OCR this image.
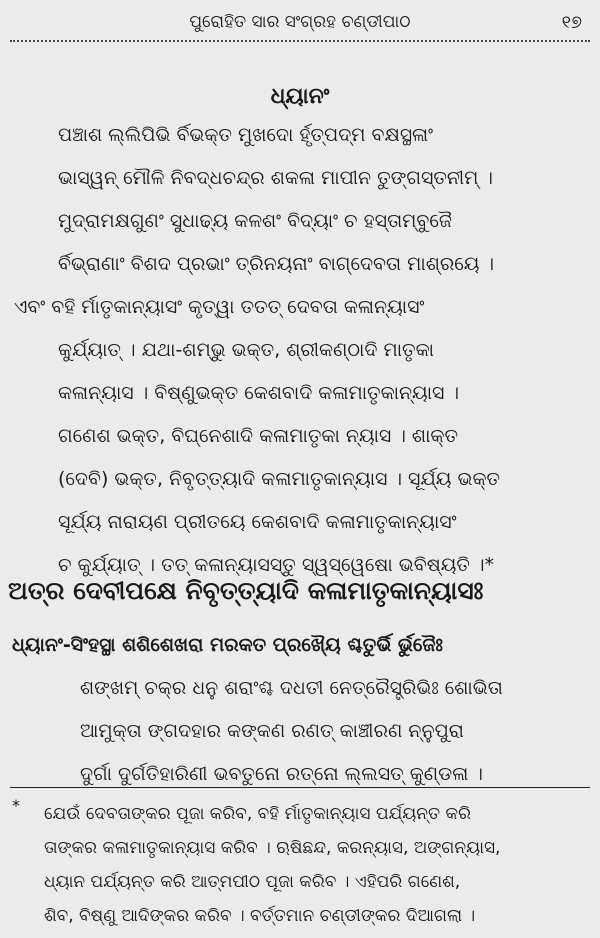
ପୁରୋହିତ ସାର ସଂଗ୍ରହ ଚଣ୍ଡୀପାଠ	୧୭
ଧ୍ୟାନଂ
ପଞ୍ଚାଶ ଲ୍ଲିପିଭି ର୍ବିଭକ୍ତ ମୁଖଦୋ ର୍ହୃତ୍ପଦ୍ମ ବକ୍ଷସ୍ଥଳାଂ
ଭାସ୍ୱନ୍ ମୌଳି ନିବଦ୍ଧଚନ୍ଦ୍ର ଶକଳା ମାପୀନ ତୁଙ୍ଗସ୍ତନୀମ୍ ।
ମୁଦ୍ରାମକ୍ଷଗୁଣଂ ସୁଧାଢ୍ୟ କଳଶଂ ବିଦ୍ୟାଂ ଚ ହସ୍ତାମ୍ବୁଜୈ
ର୍ବିଭ୍ରାଣାଂ ବିଶଦ ପ୍ରଭାଂ ତ୍ରିନୟନାଂ ବାଗ୍‌ଦେବତା ମାଶ୍ରୟେ ।
ଏବଂ ବହି ର୍ମାତୃକାନ୍ୟାସଂ କୃତ୍ୱା ତତତ୍ ଦେବତା କଳାନ୍ୟାସଂ
କୁର୍ଯ୍ୟାତ୍ । ଯଥା-ଶମ୍ଭୁ ଭକ୍ତ, ଶ୍ରୀକଣ୍ଠାଦି ମାତୃକା
କଳାନ୍ୟାସ । ବିଷ୍ଣୁଭକ୍ତ କେଶବାଦି କଳାମାତୃକାନ୍ୟାସ ।
ଗଣେଶ ଭକ୍ତ, ବିଘ୍ନେଶାଦି କଳାମାତୃକା ନ୍ୟାସ । ଶାକ୍ତ
(ଦେବି) ଭକ୍ତ, ନିବୃତ୍ତ୍ୟାଦି କଳାମାତୃକାନ୍ୟାସ । ସୂର୍ଯ୍ୟ ଭକ୍ତ
ସୂର୍ଯ୍ୟ ନାରାୟଣ ପ୍ରୀତୟେ କେଶବାଦି କଳାମାତୃକାନ୍ୟାସଂ
ଚ କୁର୍ଯ୍ୟାତ୍ । ତତ୍ କଳାନ୍ୟାସସ୍ତୁ ସ୍ୱସ୍ୱେଷୋ ଭବିଷ୍ୟତି ।*
ଅତ୍ର ଦେବୀପକ୍ଷେ ନିବୃତ୍ତ୍ୟାଦି କଳାମାତୃକାନ୍ୟାସଃ
ଧ୍ୟାନଂ-ସିଂହସ୍ଥା ଶଶିଶେଖରା ମରକତ ପ୍ରଖ୍ୟୈ ଶ୍ଚତୁର୍ଭି ର୍ଭୁଜୈଃ
ଶଙ୍ଖମ୍ ଚକ୍ର ଧନୁ ଶରାଂଶ୍ଚ ଦଧତୀ ନେତ୍ରୈସ୍ତ୍ରିଭିଃ ଶୋଭିତା
ଆମୁକ୍ତା ଙ୍ଗଦହାର କଙ୍କଣ ରଣତ୍ କାଞ୍ଚୀରଣ ନ୍ନୁପୁରା
ଦୁର୍ଗା ଦୁର୍ଗତିହାରିଣୀ ଭବତୁନୋ ରତ୍ନୋ ଲ୍ଲସତ୍ କୁଣ୍ଡଳା ।
* ଯେଉଁ ଦେବତାଙ୍କର ପୂଜା କରିବ, ବହି ର୍ମାତୃକାନ୍ୟାସ ପର୍ଯ୍ୟନ୍ତ କରି
ତାଙ୍କର କଳାମାତୃକାନ୍ୟାସ କରିବ । ଋଷିଛନ୍ଦ, କରନ୍ୟାସ, ଅଙ୍ଗନ୍ୟାସ,
ଧ୍ୟାନ ପର୍ଯ୍ୟନ୍ତ କରି ଆତ୍ମପୀଠ ପୂଜା କରିବ । ଏହିପରି ଗଣେଶ,
ଶିବ, ବିଷ୍ଣୁ ଆଦିଙ୍କର କରିବ । ବର୍ତ୍ତମାନ ଚଣ୍ଡୀଙ୍କର ଦିଆଗଲା ।
